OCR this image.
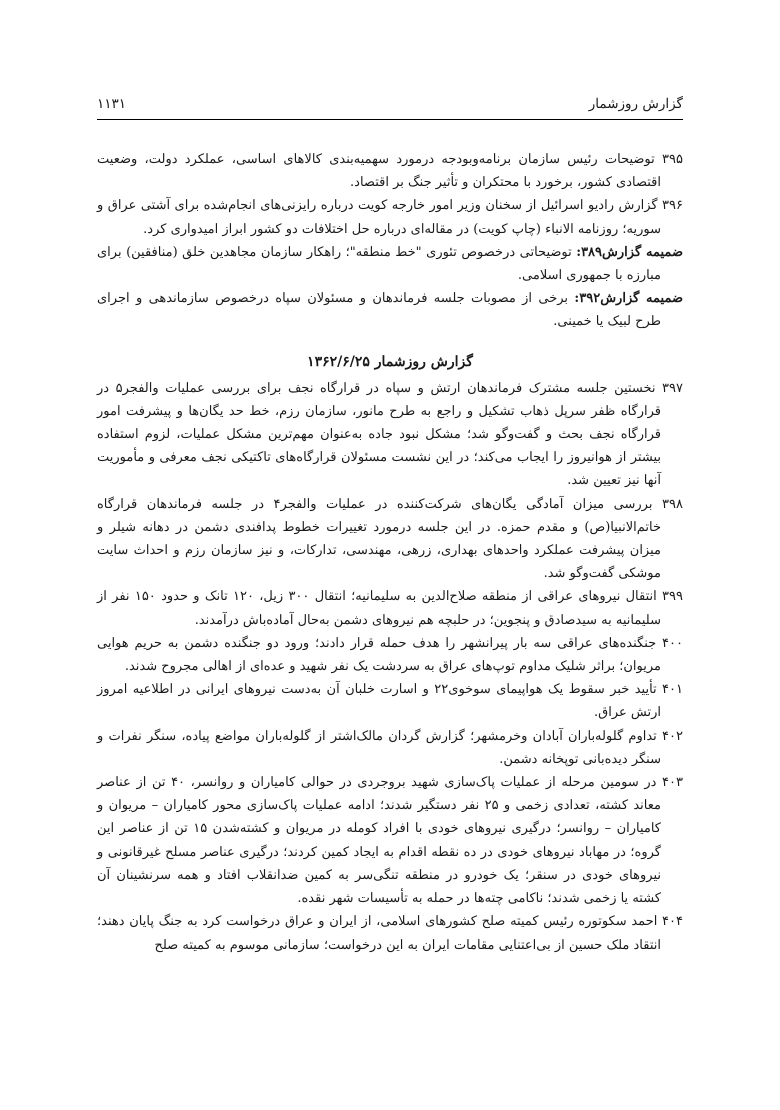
گزارش روزشمار
۱۱۳۱

۳۹۵ توضیحات رئیس سازمان برنامه‌وبودجه درمورد سهمیه‌بندی کالاهای اساسی، عملکرد دولت، وضعیت اقتصادی کشور، برخورد با محتکران و تأثیر جنگ بر اقتصاد.

۳۹۶ گزارش رادیو اسرائیل از سخنان وزیر امور خارجه کویت درباره رایزنی‌های انجام‌شده برای آشتی عراق و سوریه؛ روزنامه الانباء (چاپ کویت) در مقاله‌ای درباره حل اختلافات دو کشور ابراز امیدواری کرد.

ضمیمه گزارش۳۸۹: توضیحاتی درخصوص تئوری "خط منطقه"؛ راهکار سازمان مجاهدین خلق (منافقین) برای مبارزه با جمهوری اسلامی.

ضمیمه گزارش۳۹۲: برخی از مصوبات جلسه فرماندهان و مسئولان سپاه درخصوص سازماندهی و اجرای طرح لبیک یا خمینی.

گزارش روزشمار ۱۳۶۲/۶/۲۵

۳۹۷ نخستین جلسه مشترک فرماندهان ارتش و سپاه در قرارگاه نجف برای بررسی عملیات والفجر۵ در قرارگاه ظفر سرپل ذهاب تشکیل و راجع به طرح مانور، سازمان رزم، خط حد یگان‌ها و پیشرفت امور قرارگاه نجف بحث و گفت‌وگو شد؛ مشکل نبود جاده به‌عنوان مهم‌ترین مشکل عملیات، لزوم استفاده بیشتر از هوانیروز را ایجاب می‌کند؛ در این نشست مسئولان قرارگاه‌های تاکتیکی نجف معرفی و مأموریت آنها نیز تعیین شد.

۳۹۸ بررسی میزان آمادگی یگان‌های شرکت‌کننده در عملیات والفجر۴ در جلسه فرماندهان قرارگاه خاتم‌الانبیا(ص) و مقدم حمزه. در این جلسه درمورد تغییرات خطوط پدافندی دشمن در دهانه شیلر و میزان پیشرفت عملکرد واحدهای بهداری، زرهی، مهندسی، تدارکات، و نیز سازمان رزم و احداث سایت موشکی گفت‌وگو شد.

۳۹۹ انتقال نیروهای عراقی از منطقه صلاح‌الدین به سلیمانیه؛ انتقال ۳۰۰ زیل، ۱۲۰ تانک و حدود ۱۵۰ نفر از سلیمانیه به سیدصادق و پنجوین؛ در حلبچه هم نیروهای دشمن به‌حال آماده‌باش درآمدند.

۴۰۰ جنگنده‌های عراقی سه بار پیرانشهر را هدف حمله قرار دادند؛ ورود دو جنگنده دشمن به حریم هوایی مریوان؛ براثر شلیک مداوم توپ‌های عراق به سردشت یک نفر شهید و عده‌ای از اهالی مجروح شدند.

۴۰۱ تأیید خبر سقوط یک هواپیمای سوخوی۲۲ و اسارت خلبان آن به‌دست نیروهای ایرانی در اطلاعیه امروز ارتش عراق.

۴۰۲ تداوم گلوله‌باران آبادان وخرمشهر؛ گزارش گردان مالک‌اشتر از گلوله‌باران مواضع پیاده، سنگر نفرات و سنگر دیده‌بانی توپخانه دشمن.

۴۰۳ در سومین مرحله از عملیات پاک‌سازی شهید بروجردی در حوالی کامیاران و روانسر، ۴۰ تن از عناصر معاند کشته، تعدادی زخمی و ۲۵ نفر دستگیر شدند؛ ادامه عملیات پاک‌سازی محور کامیاران – مریوان و کامیاران – روانسر؛ درگیری نیروهای خودی با افراد کومله در مریوان و کشته‌شدن ۱۵ تن از عناصر این گروه؛ در مهاباد نیروهای خودی در ده نقطه اقدام به ایجاد کمین کردند؛ درگیری عناصر مسلح غیرقانونی و نیروهای خودی در سنقر؛ یک خودرو در منطقه تنگی‌سر به کمین ضدانقلاب افتاد و همه سرنشینان آن کشته یا زخمی شدند؛ ناکامی چته‌ها در حمله به تأسیسات شهر نقده.

۴۰۴ احمد سکوتوره رئیس کمیته صلح کشورهای اسلامی، از ایران و عراق درخواست کرد به جنگ پایان دهند؛ انتقاد ملک حسین از بی‌اعتنایی مقامات ایران به این درخواست؛ سازمانی موسوم به کمیته صلح
